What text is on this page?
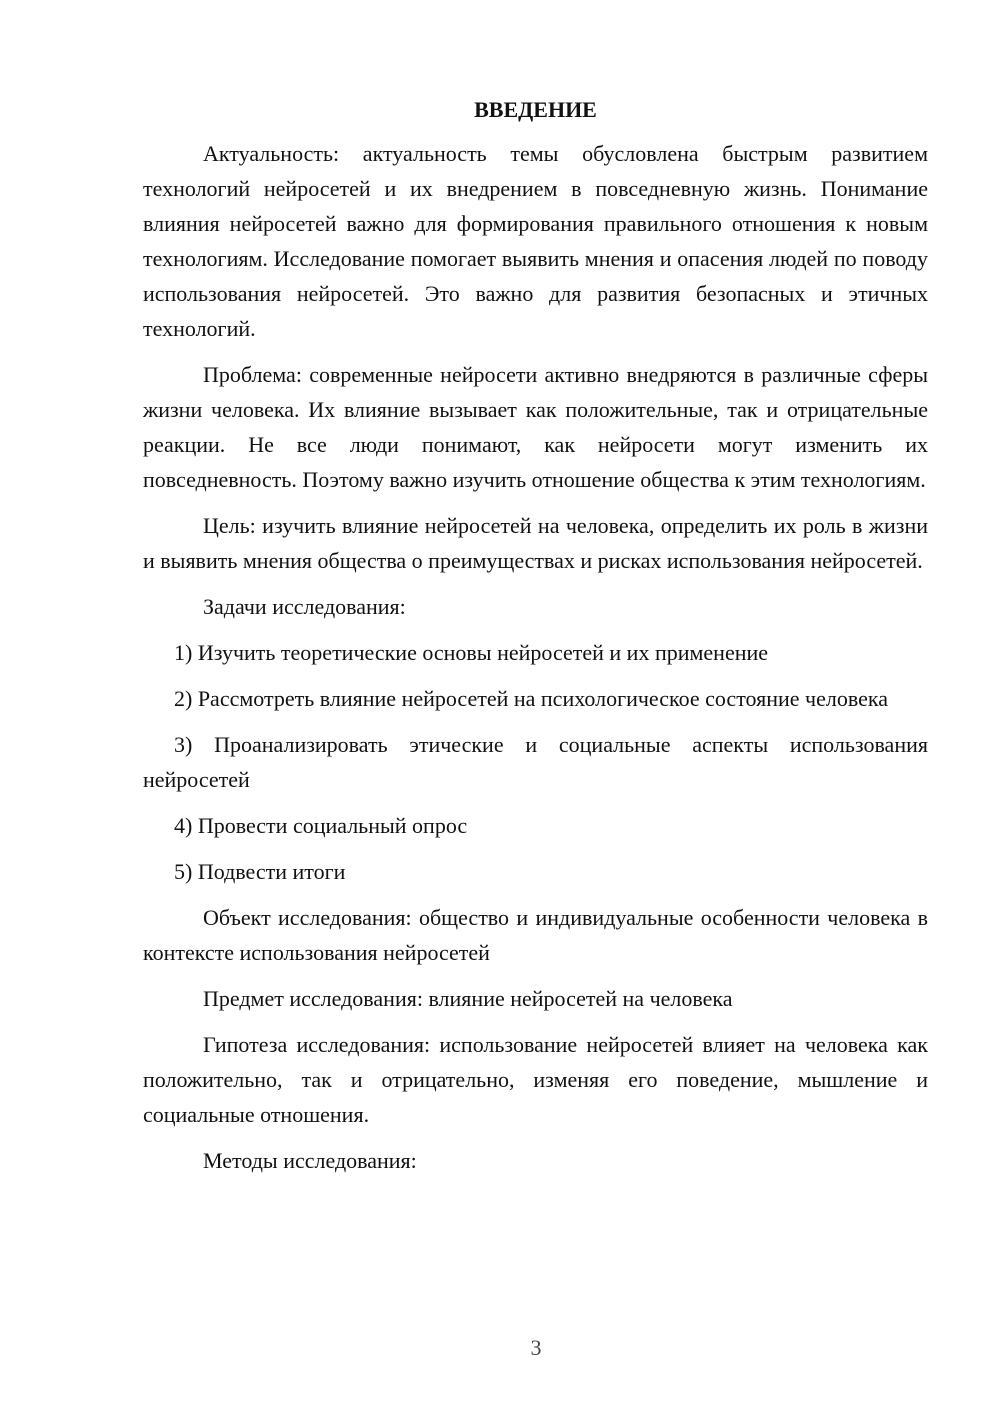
ВВЕДЕНИЕ

Актуальность: актуальность темы обусловлена быстрым развитием технологий нейросетей и их внедрением в повседневную жизнь. Понимание влияния нейросетей важно для формирования правильного отношения к новым технологиям. Исследование помогает выявить мнения и опасения людей по поводу использования нейросетей. Это важно для развития безопасных и этичных технологий.

Проблема: современные нейросети активно внедряются в различные сферы жизни человека. Их влияние вызывает как положительные, так и отрицательные реакции. Не все люди понимают, как нейросети могут изменить их повседневность. Поэтому важно изучить отношение общества к этим технологиям.

Цель: изучить влияние нейросетей на человека, определить их роль в жизни и выявить мнения общества о преимуществах и рисках использования нейросетей.

Задачи исследования:

1) Изучить теоретические основы нейросетей и их применение

2) Рассмотреть влияние нейросетей на психологическое состояние человека

3) Проанализировать этические и социальные аспекты использования нейросетей

4) Провести социальный опрос

5) Подвести итоги

Объект исследования: общество и индивидуальные особенности человека в контексте использования нейросетей

Предмет исследования: влияние нейросетей на человека

Гипотеза исследования: использование нейросетей влияет на человека как положительно, так и отрицательно, изменяя его поведение, мышление и социальные отношения.

Методы исследования:

3
